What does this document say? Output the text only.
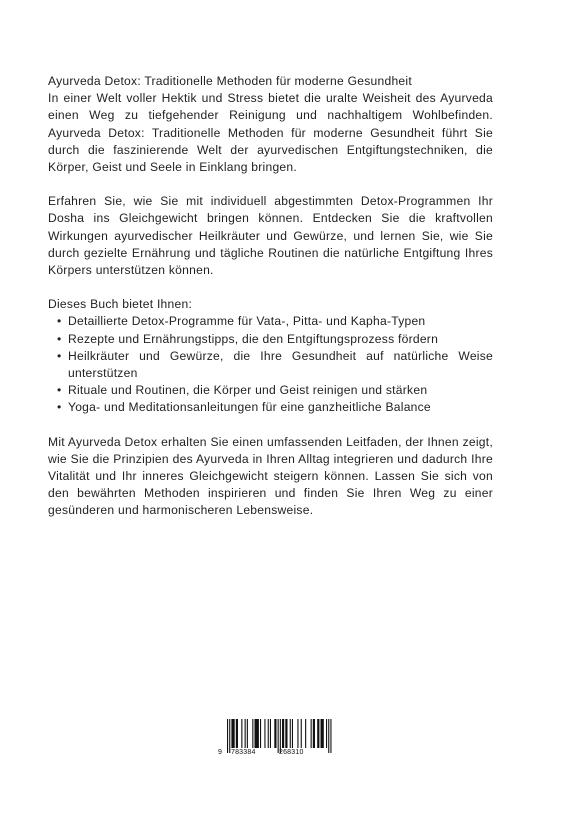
Ayurveda Detox: Traditionelle Methoden für moderne Gesundheit
In einer Welt voller Hektik und Stress bietet die uralte Weisheit des Ayurveda einen Weg zu tiefgehender Reinigung und nachhaltigem Wohlbefinden. Ayurveda Detox: Traditionelle Methoden für moderne Gesundheit führt Sie durch die faszinierende Welt der ayurvedischen Entgiftungstechniken, die Körper, Geist und Seele in Einklang bringen.

Erfahren Sie, wie Sie mit individuell abgestimmten Detox-Programmen Ihr Dosha ins Gleichgewicht bringen können. Entdecken Sie die kraftvollen Wirkungen ayurvedischer Heilkräuter und Gewürze, und lernen Sie, wie Sie durch gezielte Ernährung und tägliche Routinen die natürliche Entgiftung Ihres Körpers unterstützen können.

Dieses Buch bietet Ihnen:

• Detaillierte Detox-Programme für Vata-, Pitta- und Kapha-Typen
• Rezepte und Ernährungstipps, die den Entgiftungsprozess fördern
• Heilkräuter und Gewürze, die Ihre Gesundheit auf natürliche Weise unterstützen
• Rituale und Routinen, die Körper und Geist reinigen und stärken
• Yoga- und Meditationsanleitungen für eine ganzheitliche Balance

Mit Ayurveda Detox erhalten Sie einen umfassenden Leitfaden, der Ihnen zeigt, wie Sie die Prinzipien des Ayurveda in Ihren Alltag integrieren und dadurch Ihre Vitalität und Ihr inneres Gleichgewicht steigern können. Lassen Sie sich von den bewährten Methoden inspirieren und finden Sie Ihren Weg zu einer gesünderen und harmonischeren Lebensweise.

9 783384	268310
